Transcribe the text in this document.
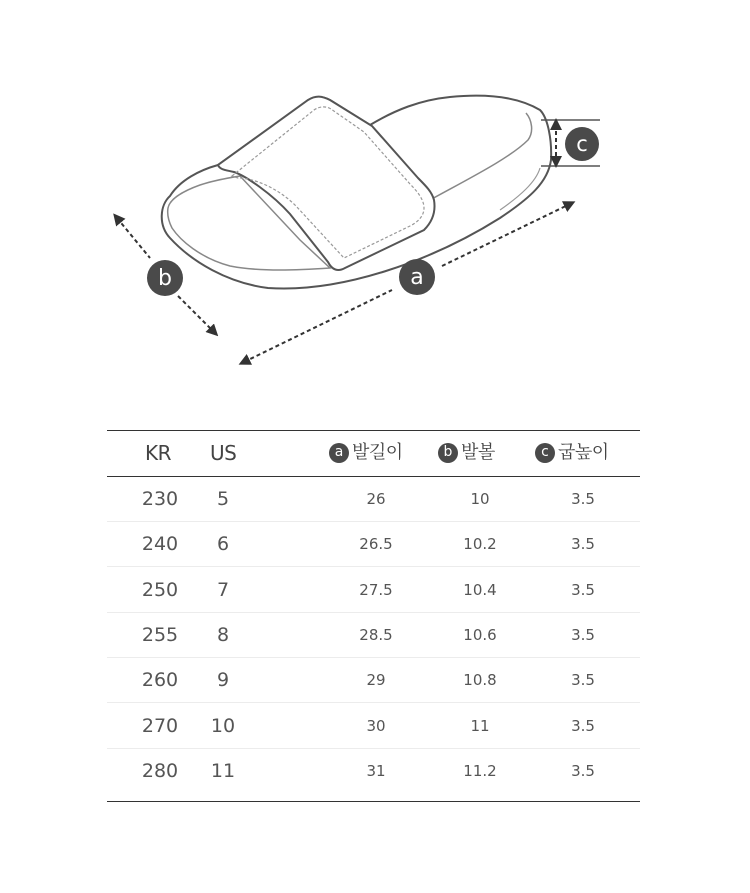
a
b
c
KR US	a 발길이	b 발볼	c 굽높이
230	5	26	10	3.5
240	6	26.5	10.2	3.5
250	7	27.5	10.4	3.5
255	8	28.5	10.6	3.5
260	9	29	10.8	3.5
270	10	30	11	3.5
280	11	31	11.2	3.5
